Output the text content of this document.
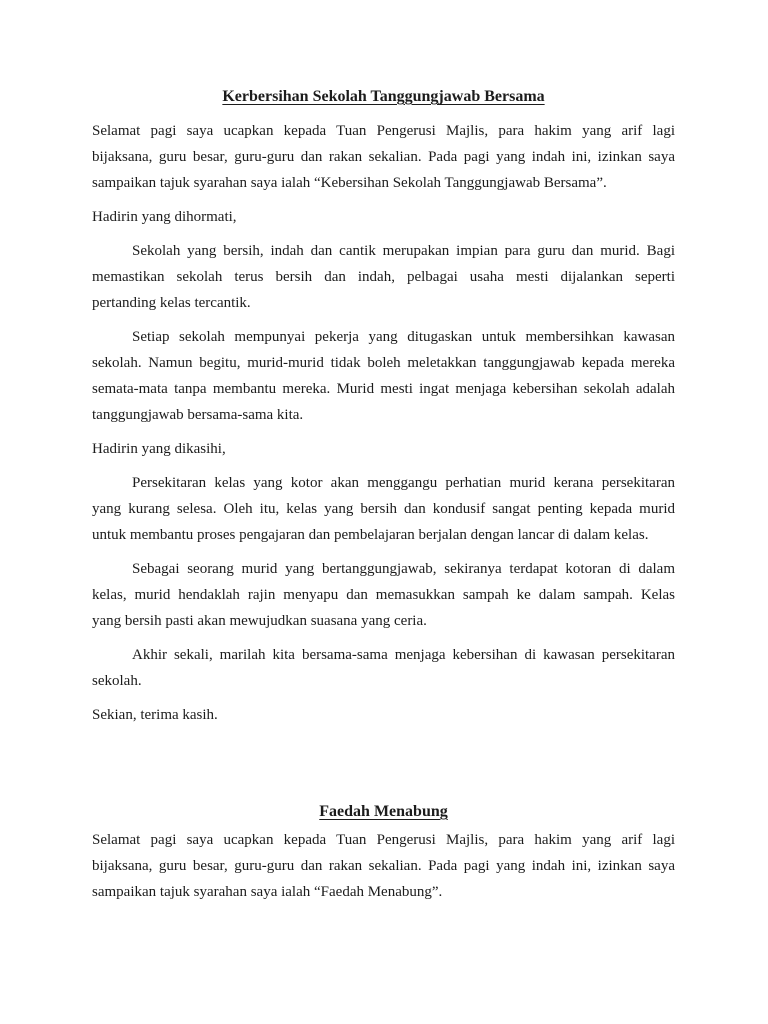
Kerbersihan Sekolah Tanggungjawab Bersama
Selamat pagi saya ucapkan kepada Tuan Pengerusi Majlis, para hakim yang arif lagi
bijaksana, guru besar, guru-guru dan rakan sekalian. Pada pagi yang indah ini, izinkan saya
sampaikan tajuk syarahan saya ialah “Kebersihan Sekolah Tanggungjawab Bersama”.
Hadirin yang dihormati,
Sekolah yang bersih, indah dan cantik merupakan impian para guru dan murid. Bagi
memastikan sekolah terus bersih dan indah, pelbagai usaha mesti dijalankan seperti
pertanding kelas tercantik.
Setiap sekolah mempunyai pekerja yang ditugaskan untuk membersihkan kawasan
sekolah. Namun begitu, murid-murid tidak boleh meletakkan tanggungjawab kepada mereka
semata-mata tanpa membantu mereka. Murid mesti ingat menjaga kebersihan sekolah adalah
tanggungjawab bersama-sama kita.
Hadirin yang dikasihi,
Persekitaran kelas yang kotor akan menggangu perhatian murid kerana persekitaran
yang kurang selesa. Oleh itu, kelas yang bersih dan kondusif sangat penting kepada murid
untuk membantu proses pengajaran dan pembelajaran berjalan dengan lancar di dalam kelas.
Sebagai seorang murid yang bertanggungjawab, sekiranya terdapat kotoran di dalam
kelas, murid hendaklah rajin menyapu dan memasukkan sampah ke dalam sampah. Kelas
yang bersih pasti akan mewujudkan suasana yang ceria.
Akhir sekali, marilah kita bersama-sama menjaga kebersihan di kawasan persekitaran
sekolah.
Sekian, terima kasih.
Faedah Menabung
Selamat pagi saya ucapkan kepada Tuan Pengerusi Majlis, para hakim yang arif lagi
bijaksana, guru besar, guru-guru dan rakan sekalian. Pada pagi yang indah ini, izinkan saya
sampaikan tajuk syarahan saya ialah “Faedah Menabung”.
